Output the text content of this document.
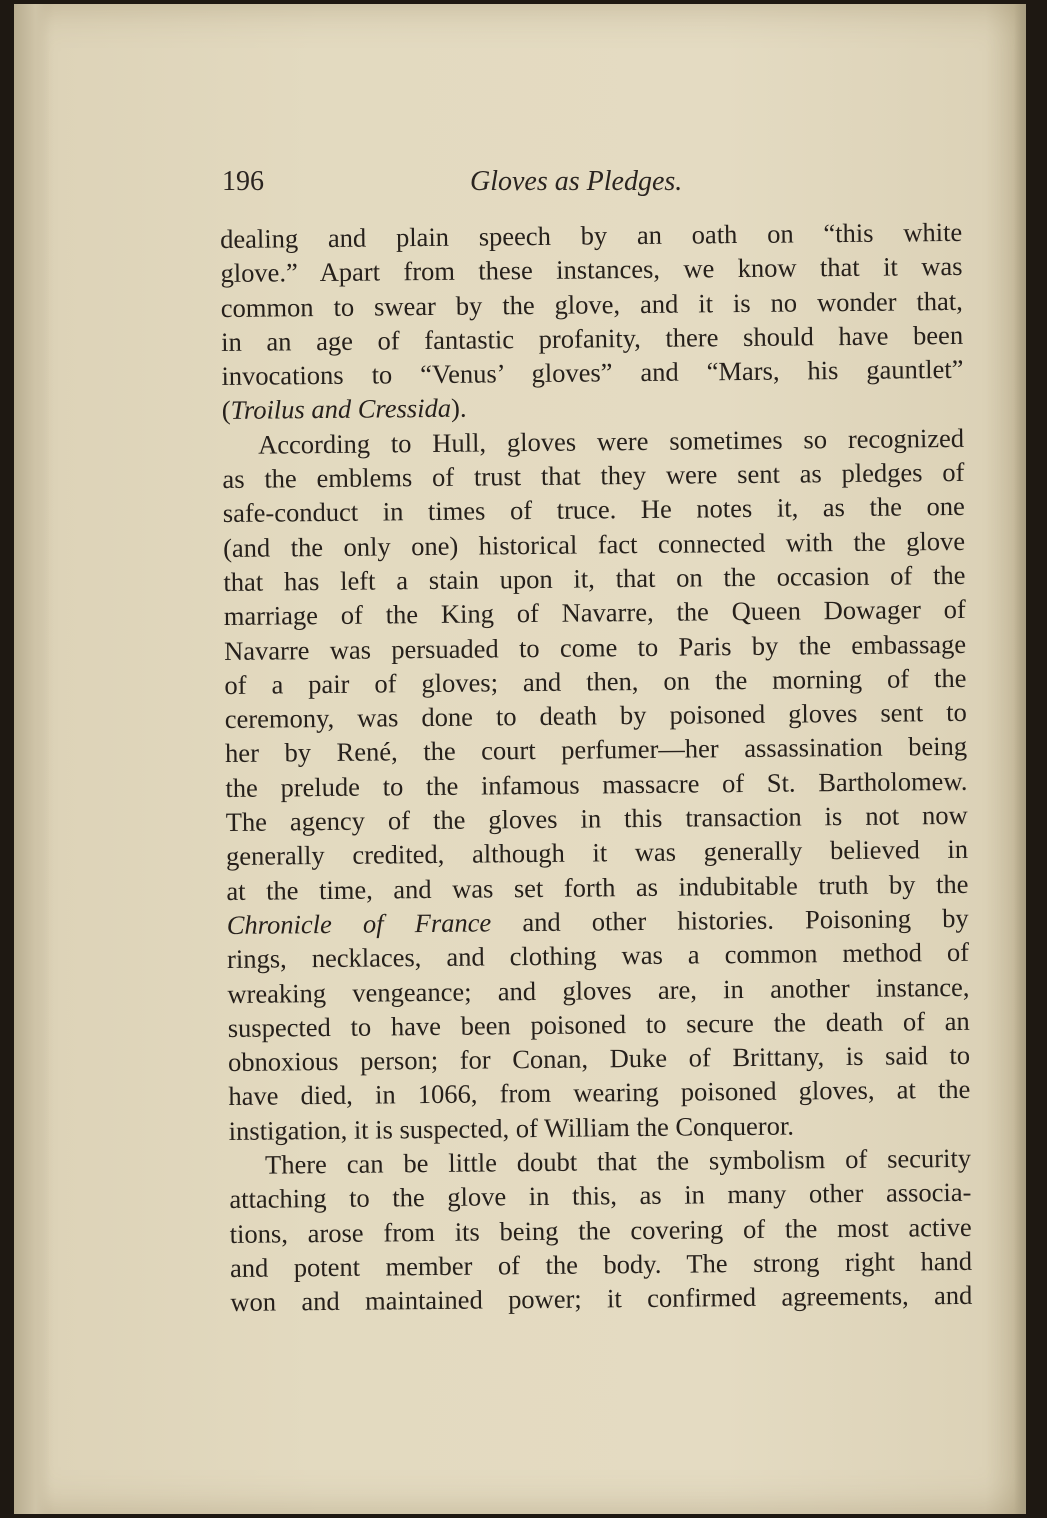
196	Gloves as Pledges.
dealing and plain speech by an oath on “this white
glove.” Apart from these instances, we know that it was
common to swear by the glove, and it is no wonder that,
in an age of fantastic profanity, there should have been
invocations to “Venus’ gloves” and “Mars, his gauntlet”
(Troilus and Cressida).
According to Hull, gloves were sometimes so recognized
as the emblems of trust that they were sent as pledges of
safe-conduct in times of truce. He notes it, as the one
(and the only one) historical fact connected with the glove
that has left a stain upon it, that on the occasion of the
marriage of the King of Navarre, the Queen Dowager of
Navarre was persuaded to come to Paris by the embassage
of a pair of gloves; and then, on the morning of the
ceremony, was done to death by poisoned gloves sent to
her by René, the court perfumer—her assassination being
the prelude to the infamous massacre of St. Bartholomew.
The agency of the gloves in this transaction is not now
generally credited, although it was generally believed in
at the time, and was set forth as indubitable truth by the
Chronicle of France and other histories. Poisoning by
rings, necklaces, and clothing was a common method of
wreaking vengeance; and gloves are, in another instance,
suspected to have been poisoned to secure the death of an
obnoxious person; for Conan, Duke of Brittany, is said to
have died, in 1066, from wearing poisoned gloves, at the
instigation, it is suspected, of William the Conqueror.
There can be little doubt that the symbolism of security
attaching to the glove in this, as in many other associa-
tions, arose from its being the covering of the most active
and potent member of the body. The strong right hand
won and maintained power; it confirmed agreements, and
